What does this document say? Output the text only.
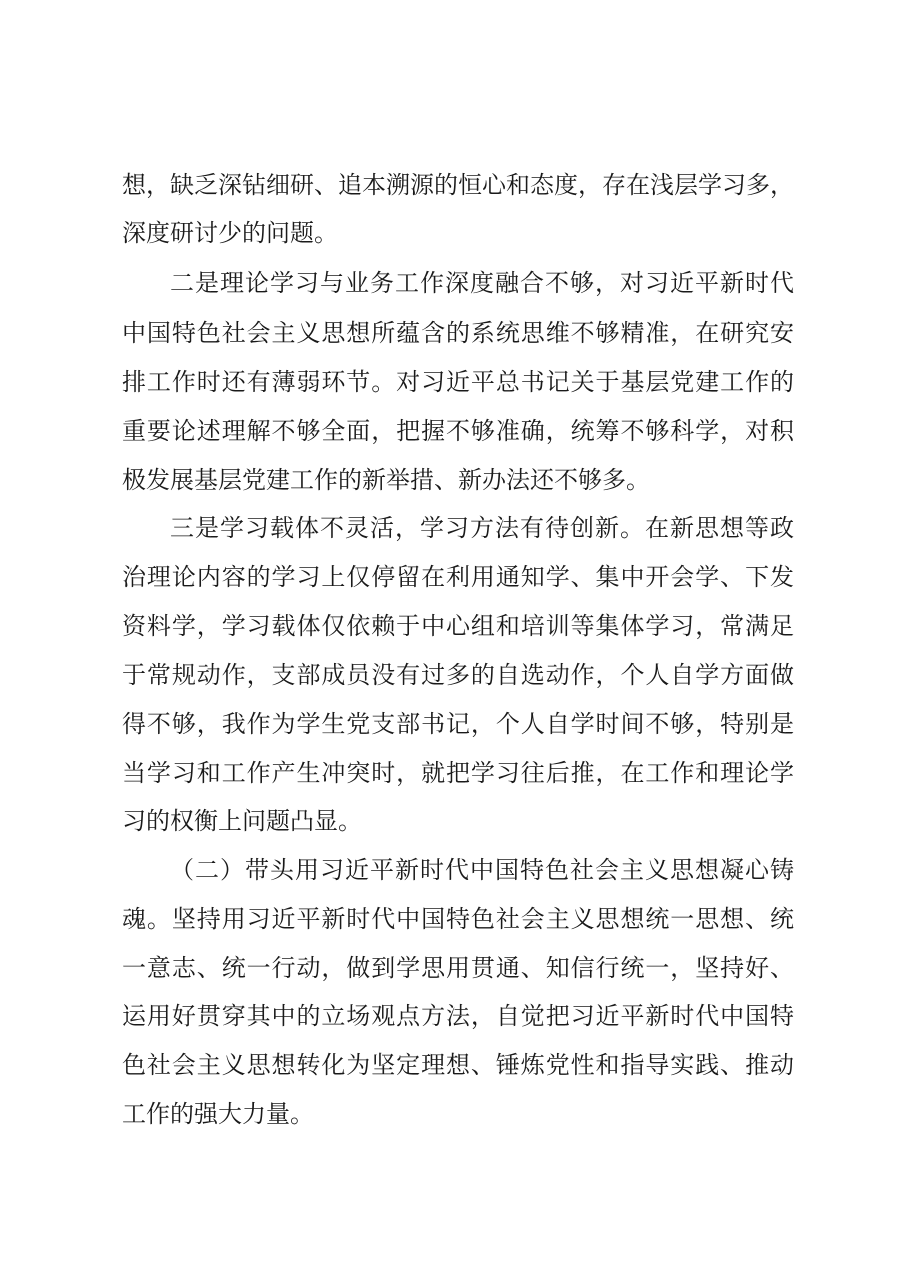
想，缺乏深钻细研、追本溯源的恒心和态度，存在浅层学习多，
深度研讨少的问题。
二是理论学习与业务工作深度融合不够，对习近平新时代
中国特色社会主义思想所蕴含的系统思维不够精准，在研究安
排工作时还有薄弱环节。对习近平总书记关于基层党建工作的
重要论述理解不够全面，把握不够准确，统筹不够科学，对积
极发展基层党建工作的新举措、新办法还不够多。
三是学习载体不灵活，学习方法有待创新。在新思想等政
治理论内容的学习上仅停留在利用通知学、集中开会学、下发
资料学，学习载体仅依赖于中心组和培训等集体学习，常满足
于常规动作，支部成员没有过多的自选动作，个人自学方面做
得不够，我作为学生党支部书记，个人自学时间不够，特别是
当学习和工作产生冲突时，就把学习往后推，在工作和理论学
习的权衡上问题凸显。
（二）带头用习近平新时代中国特色社会主义思想凝心铸
魂。坚持用习近平新时代中国特色社会主义思想统一思想、统
一意志、统一行动，做到学思用贯通、知信行统一，坚持好、
运用好贯穿其中的立场观点方法，自觉把习近平新时代中国特
色社会主义思想转化为坚定理想、锤炼党性和指导实践、推动
工作的强大力量。
